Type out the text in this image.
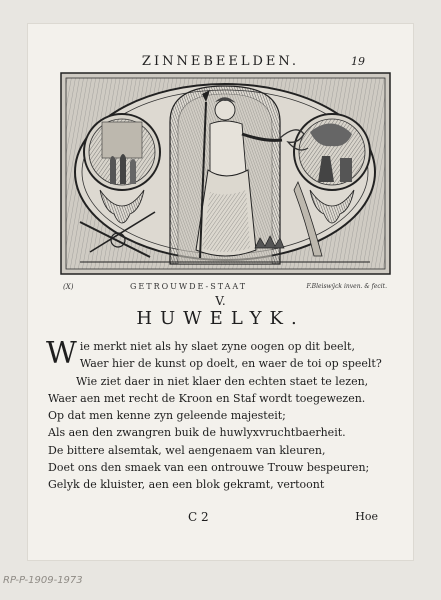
ZINNEBEELDEN.	19
(X)	GETROUWDE-STAAT	F.Bleiswÿck inven. & fecit.
V.
HUWELYK.
W ie merkt niet als hy slaet zyne oogen op dit beelt,
Waer hier de kunst op doelt, en waer de toi op speelt?
Wie ziet daer in niet klaer den echten staet te lezen,
Waer aen met recht de Kroon en Staf wordt toegewezen.
Op dat men kenne zyn geleende majesteit;
Als aen den zwangren buik de huwlyxvruchtbaerheit.
De bittere alsemtak, wel aengenaem van kleuren,
Doet ons den smaek van een ontrouwe Trouw bespeuren;
Gelyk de kluister, aen een blok gekramt, vertoont
C 2	Hoe
RP-P-1909-1973
